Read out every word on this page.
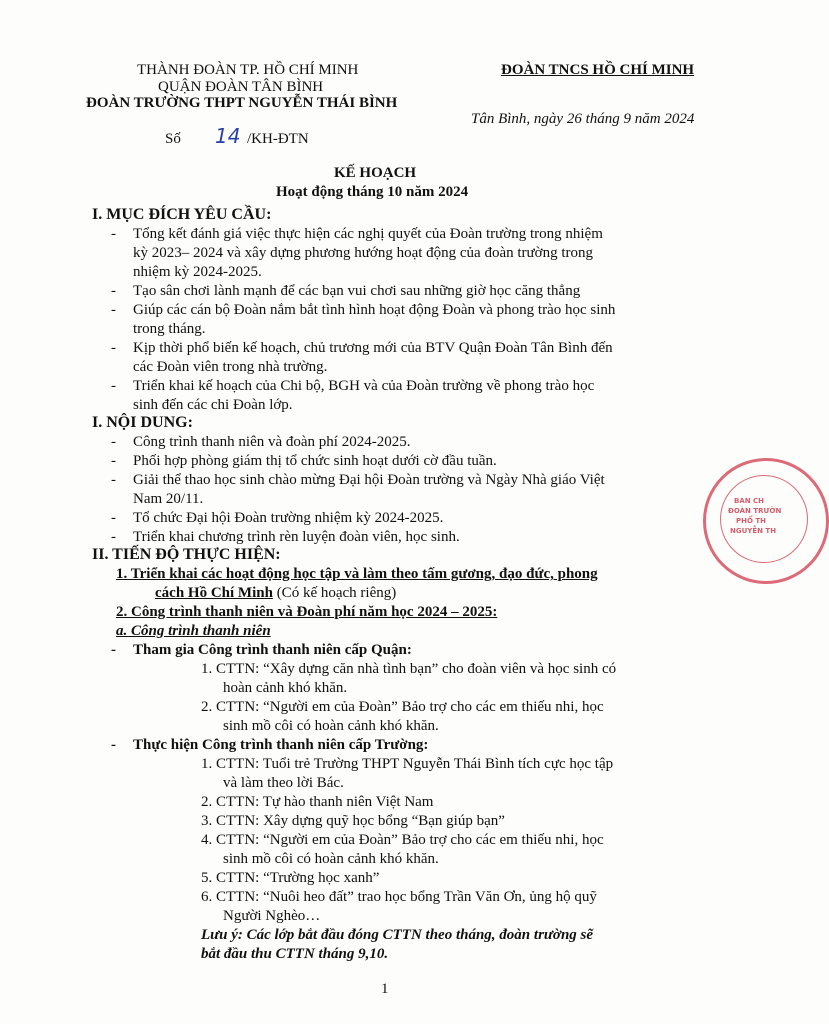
THÀNH ĐOÀN TP. HỒ CHÍ MINH
QUẬN ĐOÀN TÂN BÌNH
ĐOÀN TRƯỜNG THPT NGUYỄN THÁI BÌNH
Số 14 /KH-ĐTN
ĐOÀN TNCS HỒ CHÍ MINH
Tân Bình, ngày 26 tháng 9 năm 2024
KẾ HOẠCH
Hoạt động tháng 10 năm 2024
I. MỤC ĐÍCH YÊU CẦU:
- Tổng kết đánh giá việc thực hiện các nghị quyết của Đoàn trường trong nhiệm
kỳ 2023– 2024 và xây dựng phương hướng hoạt động của đoàn trường trong
nhiệm kỳ 2024-2025.
- Tạo sân chơi lành mạnh để các bạn vui chơi sau những giờ học căng thẳng
- Giúp các cán bộ Đoàn nắm bắt tình hình hoạt động Đoàn và phong trào học sinh
trong tháng.
- Kịp thời phổ biến kế hoạch, chủ trương mới của BTV Quận Đoàn Tân Bình đến
các Đoàn viên trong nhà trường.
- Triển khai kế hoạch của Chi bộ, BGH và của Đoàn trường về phong trào học
sinh đến các chi Đoàn lớp.
I. NỘI DUNG:
- Công trình thanh niên và đoàn phí 2024-2025.
- Phối hợp phòng giám thị tổ chức sinh hoạt dưới cờ đầu tuần.
- Giải thể thao học sinh chào mừng Đại hội Đoàn trường và Ngày Nhà giáo Việt
Nam 20/11.
- Tổ chức Đại hội Đoàn trường nhiệm kỳ 2024-2025.
- Triển khai chương trình rèn luyện đoàn viên, học sinh.
II. TIẾN ĐỘ THỰC HIỆN:
1. Triển khai các hoạt động học tập và làm theo tấm gương, đạo đức, phong
cách Hồ Chí Minh (Có kế hoạch riêng)
2. Công trình thanh niên và Đoàn phí năm học 2024 – 2025:
a. Công trình thanh niên
- Tham gia Công trình thanh niên cấp Quận:
1. CTTN: “Xây dựng căn nhà tình bạn” cho đoàn viên và học sinh có
hoàn cảnh khó khăn.
2. CTTN: “Người em của Đoàn” Bảo trợ cho các em thiếu nhi, học
sinh mồ côi có hoàn cảnh khó khăn.
- Thực hiện Công trình thanh niên cấp Trường:
1. CTTN: Tuổi trẻ Trường THPT Nguyễn Thái Bình tích cực học tập
và làm theo lời Bác.
2. CTTN: Tự hào thanh niên Việt Nam
3. CTTN: Xây dựng quỹ học bổng “Bạn giúp bạn”
4. CTTN: “Người em của Đoàn” Bảo trợ cho các em thiếu nhi, học
sinh mồ côi có hoàn cảnh khó khăn.
5. CTTN: “Trường học xanh”
6. CTTN: “Nuôi heo đất” trao học bổng Trần Văn Ơn, ủng hộ quỹ
Người Nghèo…
Lưu ý: Các lớp bắt đầu đóng CTTN theo tháng, đoàn trường sẽ
bắt đầu thu CTTN tháng 9,10.
1
BAN CH
ĐOÀN TRƯỜN
PHỔ TH
NGUYỄN TH
